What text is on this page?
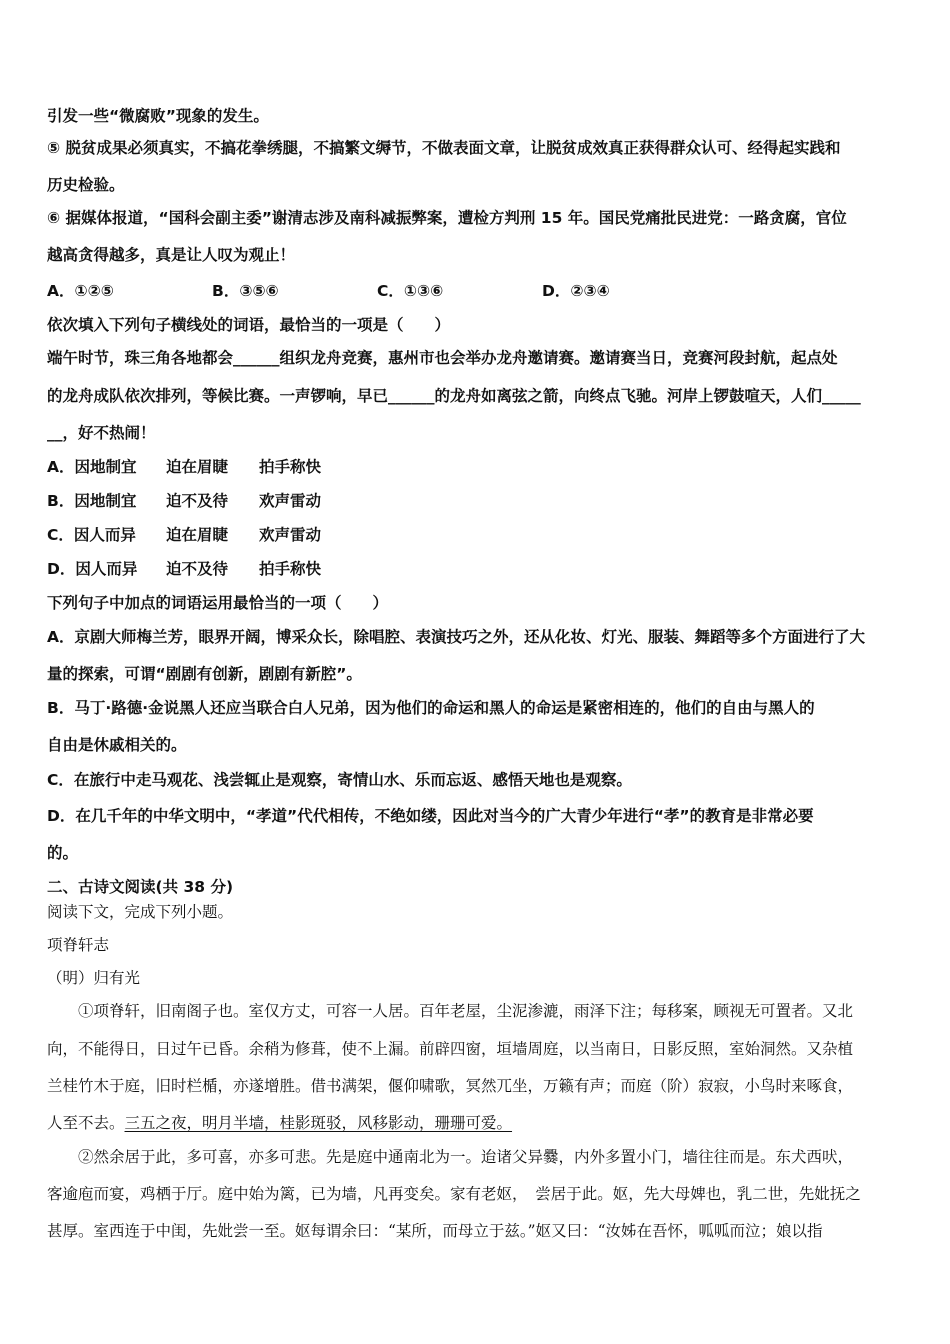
引发一些“微腐败”现象的发生。
⑤ 脱贫成果必须真实，不搞花拳绣腿，不搞繁文缛节，不做表面文章，让脱贫成效真正获得群众认可、经得起实践和
历史检验。
⑥ 据媒体报道，“国科会副主委”谢清志涉及南科减振弊案，遭检方判刑 15 年。国民党痛批民进党：一路贪腐，官位
越高贪得越多，真是让人叹为观止！
A．①②⑤	B．③⑤⑥	C．①③⑥	D．②③④
依次填入下列句子横线处的词语，最恰当的一项是（　　）
端午时节，珠三角各地都会______组织龙舟竞赛，惠州市也会举办龙舟邀请赛。邀请赛当日，竞赛河段封航，起点处
的龙舟成队依次排列，等候比赛。一声锣响，早已______的龙舟如离弦之箭，向终点飞驰。河岸上锣鼓喧天，人们_____
__，好不热闹！
A．因地制宜 迫在眉睫 拍手称快
B．因地制宜 迫不及待 欢声雷动
C．因人而异 迫在眉睫 欢声雷动
D．因人而异 迫不及待 拍手称快
下列句子中加点的词语运用最恰当的一项（　　）
A．京剧大师梅兰芳，眼界开阔，博采众长，除唱腔、表演技巧之外，还从化妆、灯光、服装、舞蹈等多个方面进行了大
量的探索，可谓“剧剧有创新，剧剧有新腔”。
B．马丁·路德·金说黑人还应当联合白人兄弟，因为他们的命运和黑人的命运是紧密相连的，他们的自由与黑人的
自由是休戚相关的。
C．在旅行中走马观花、浅尝辄止是观察，寄情山水、乐而忘返、感悟天地也是观察。
D．在几千年的中华文明中，“孝道”代代相传，不绝如缕，因此对当今的广大青少年进行“孝”的教育是非常必要
的。
二、古诗文阅读(共 38 分)
阅读下文，完成下列小题。
项脊轩志
（明）归有光
①项脊轩，旧南阁子也。室仅方丈，可容一人居。百年老屋，尘泥渗漉，雨泽下注；每移案，顾视无可置者。又北
向，不能得日，日过午已昏。余稍为修葺，使不上漏。前辟四窗，垣墙周庭，以当南日，日影反照，室始洞然。又杂植
兰桂竹木于庭，旧时栏楯，亦遂增胜。借书满架，偃仰啸歌，冥然兀坐，万籁有声；而庭（阶）寂寂，小鸟时来啄食，
人至不去。三五之夜，明月半墙，桂影斑驳，风移影动，珊珊可爱。
②然余居于此，多可喜，亦多可悲。先是庭中通南北为一。迨诸父异爨，内外多置小门，墙往往而是。东犬西吠，
客逾庖而宴，鸡栖于厅。庭中始为篱，已为墙，凡再变矣。家有老妪，　尝居于此。妪，先大母婢也，乳二世，先妣抚之
甚厚。室西连于中闺，先妣尝一至。妪每谓余曰：“某所，而母立于兹。”妪又曰：“汝姊在吾怀，呱呱而泣；娘以指
